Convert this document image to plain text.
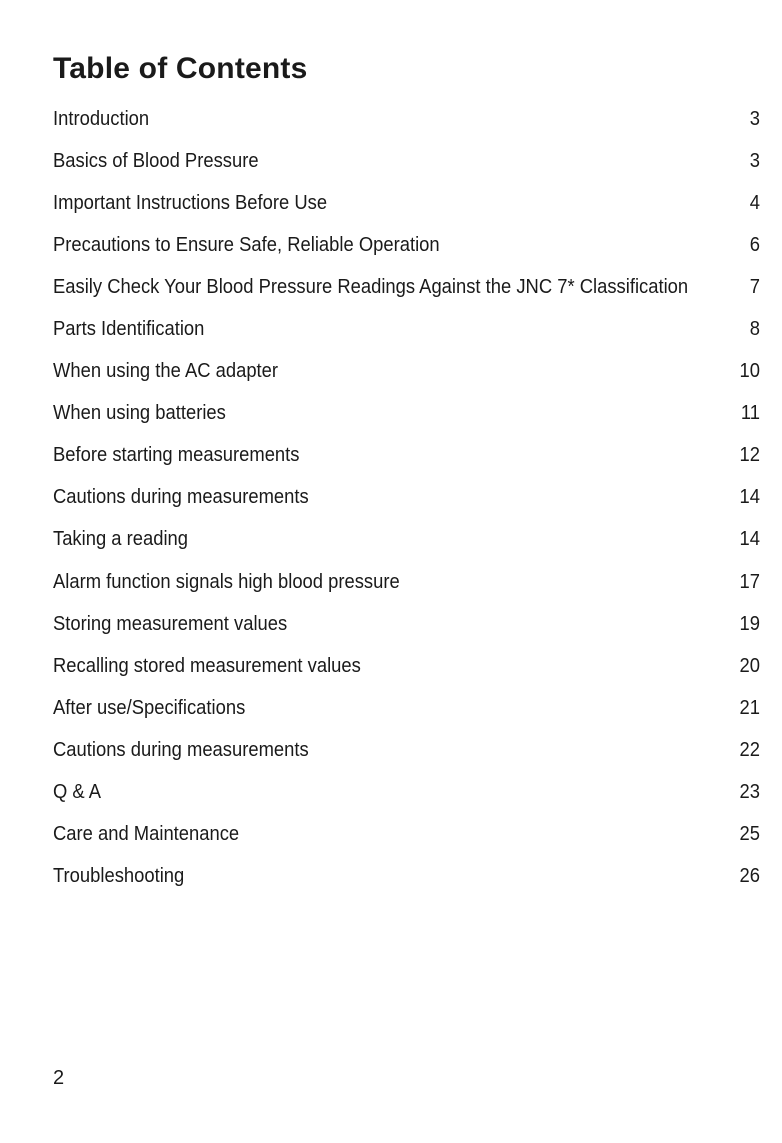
Table of Contents
Introduction	3
Basics of Blood Pressure	3
Important Instructions Before Use	4
Precautions to Ensure Safe, Reliable Operation	6
Easily Check Your Blood Pressure Readings Against the JNC 7* Classification	7
Parts Identification	8
When using the AC adapter	10
When using batteries	11
Before starting measurements	12
Cautions during measurements	14
Taking a reading	14
Alarm function signals high blood pressure	17
Storing measurement values	19
Recalling stored measurement values	20
After use/Specifications	21
Cautions during measurements	22
Q & A	23
Care and Maintenance	25
Troubleshooting	26
2
